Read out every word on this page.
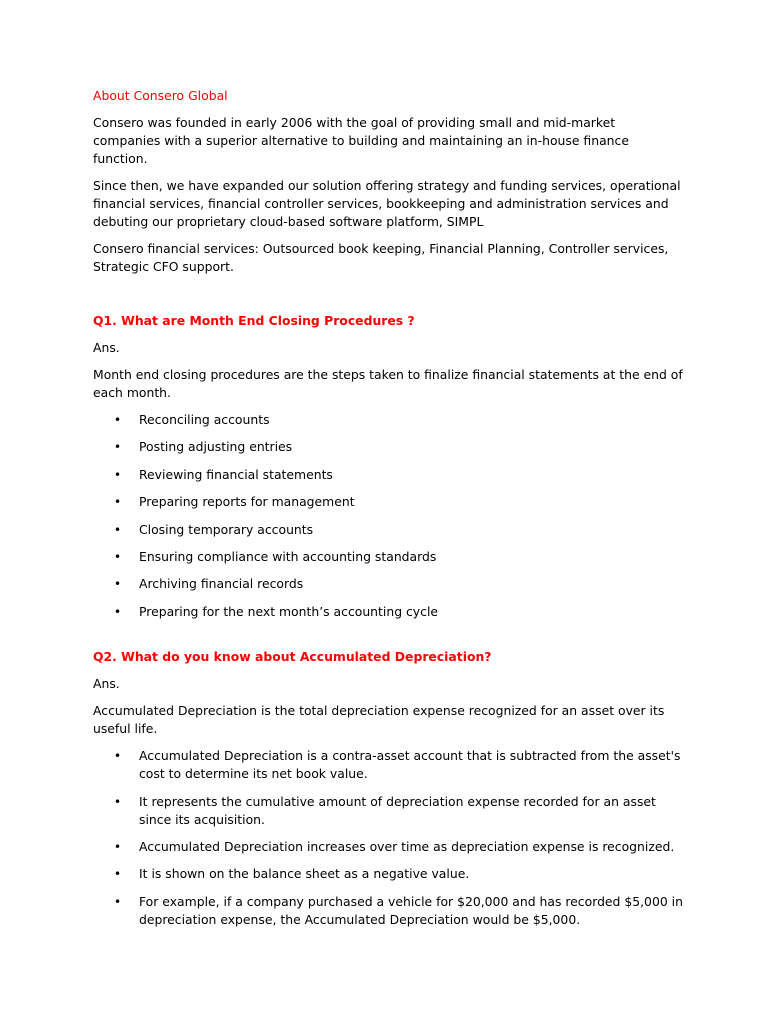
About Consero Global

Consero was founded in early 2006 with the goal of providing small and mid-market companies with a superior alternative to building and maintaining an in-house finance function.

Since then, we have expanded our solution offering strategy and funding services, operational financial services, financial controller services, bookkeeping and administration services and debuting our proprietary cloud-based software platform, SIMPL

Consero financial services: Outsourced book keeping, Financial Planning, Controller services, Strategic CFO support.

Q1. What are Month End Closing Procedures ?

Ans.

Month end closing procedures are the steps taken to finalize financial statements at the end of each month.

• Reconciling accounts
• Posting adjusting entries
• Reviewing financial statements
• Preparing reports for management
• Closing temporary accounts
• Ensuring compliance with accounting standards
• Archiving financial records
• Preparing for the next month’s accounting cycle
Q2. What do you know about Accumulated Depreciation?

Ans.

Accumulated Depreciation is the total depreciation expense recognized for an asset over its useful life.

• Accumulated Depreciation is a contra-asset account that is subtracted from the asset's cost to determine its net book value.
• It represents the cumulative amount of depreciation expense recorded for an asset since its acquisition.
• Accumulated Depreciation increases over time as depreciation expense is recognized.
• It is shown on the balance sheet as a negative value.
• For example, if a company purchased a vehicle for $20,000 and has recorded $5,000 in depreciation expense, the Accumulated Depreciation would be $5,000.
